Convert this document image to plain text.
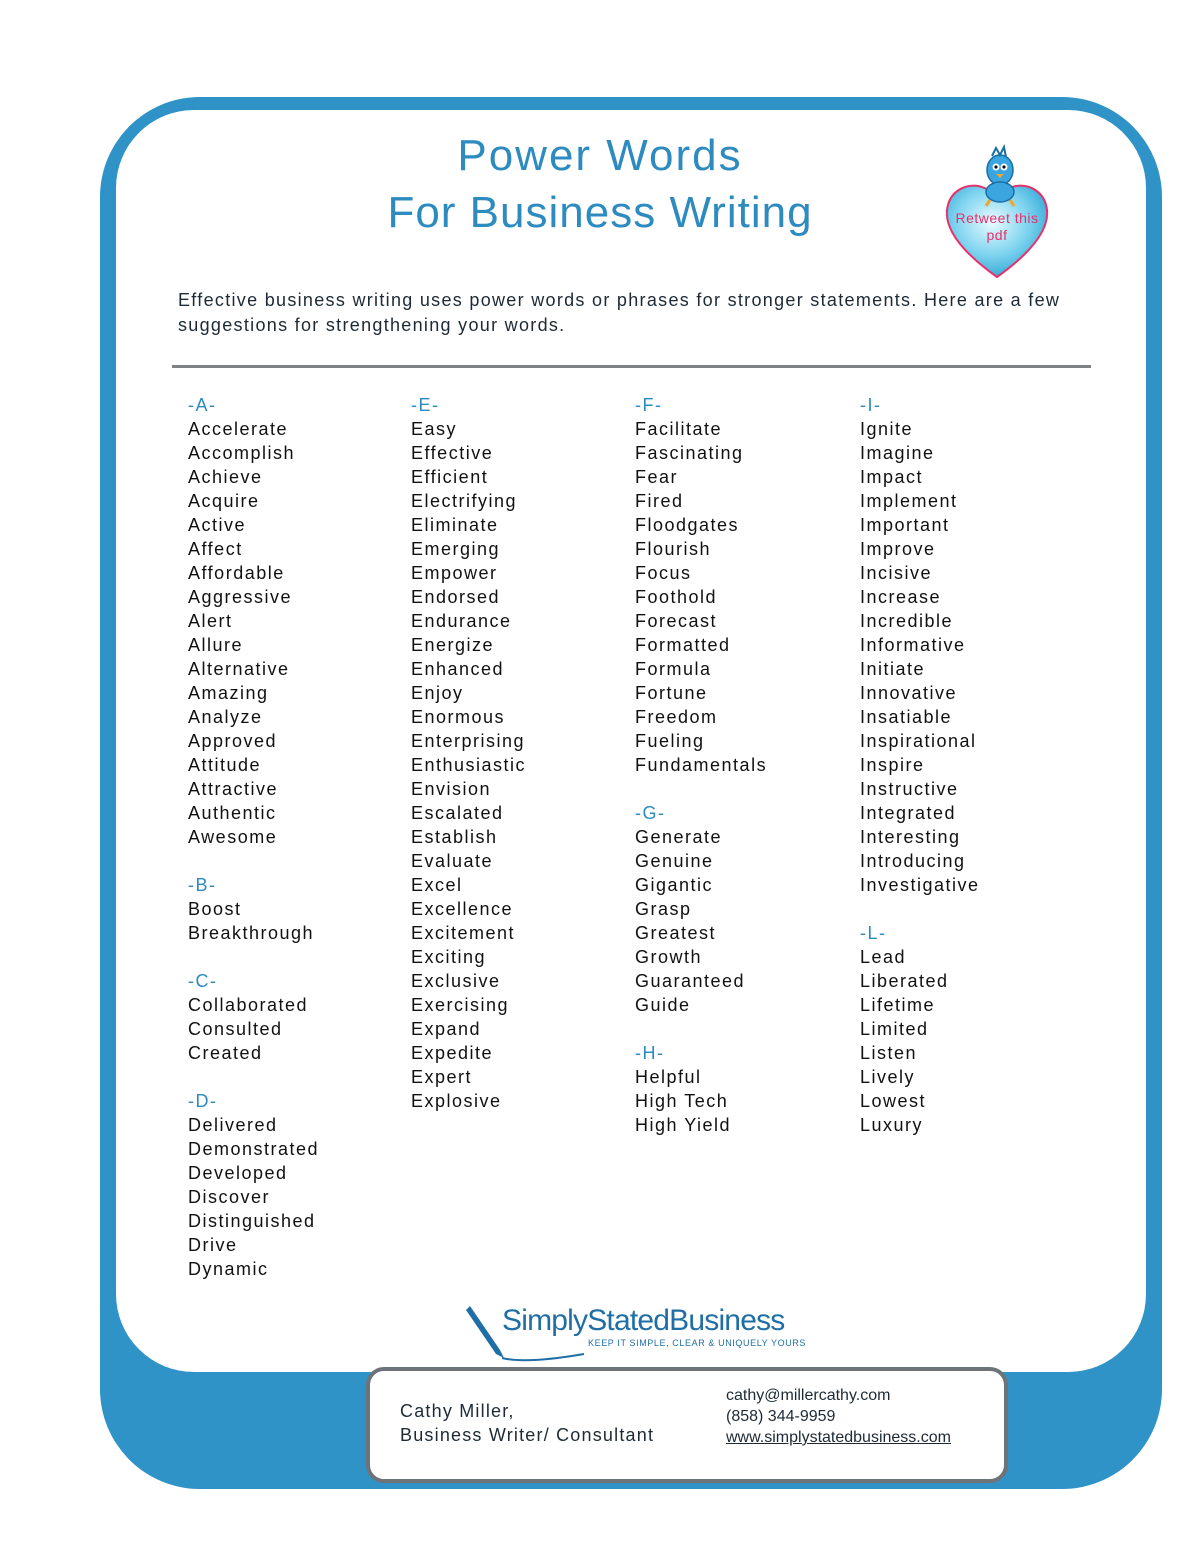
Power Words
For Business Writing	Retweet this pdf

Effective business writing uses power words or phrases for stronger statements. Here are a few suggestions for strengthening your words.

-A-
Accelerate
Accomplish
Achieve
Acquire
Active
Affect
Affordable
Aggressive
Alert
Allure
Alternative
Amazing
Analyze
Approved
Attitude
Attractive
Authentic
Awesome
-B-
Boost
Breakthrough
-C-
Collaborated
Consulted
Created
-D-
Delivered
Demonstrated
Developed
Discover
Distinguished
Drive
Dynamic
-E-
Easy
Effective
Efficient
Electrifying
Eliminate
Emerging
Empower
Endorsed
Endurance
Energize
Enhanced
Enjoy
Enormous
Enterprising
Enthusiastic
Envision
Escalated
Establish
Evaluate
Excel
Excellence
Excitement
Exciting
Exclusive
Exercising
Expand
Expedite
Expert
Explosive
-F-
Facilitate
Fascinating
Fear
Fired
Floodgates
Flourish
Focus
Foothold
Forecast
Formatted
Formula
Fortune
Freedom
Fueling
Fundamentals
-G-
Generate
Genuine
Gigantic
Grasp
Greatest
Growth
Guaranteed
Guide
-H-
Helpful
High Tech
High Yield
-I-
Ignite
Imagine
Impact
Implement
Important
Improve
Incisive
Increase
Incredible
Informative
Initiate
Innovative
Insatiable
Inspirational
Inspire
Instructive
Integrated
Interesting
Introducing
Investigative
-L-
Lead
Liberated
Lifetime
Limited
Listen
Lively
Lowest
Luxury
SimplyStatedBusiness
KEEP IT SIMPLE, CLEAR & UNIQUELY YOURS
Cathy Miller,
Business Writer/ Consultant
cathy@millercathy.com
(858) 344-9959
www.simplystatedbusiness.com
